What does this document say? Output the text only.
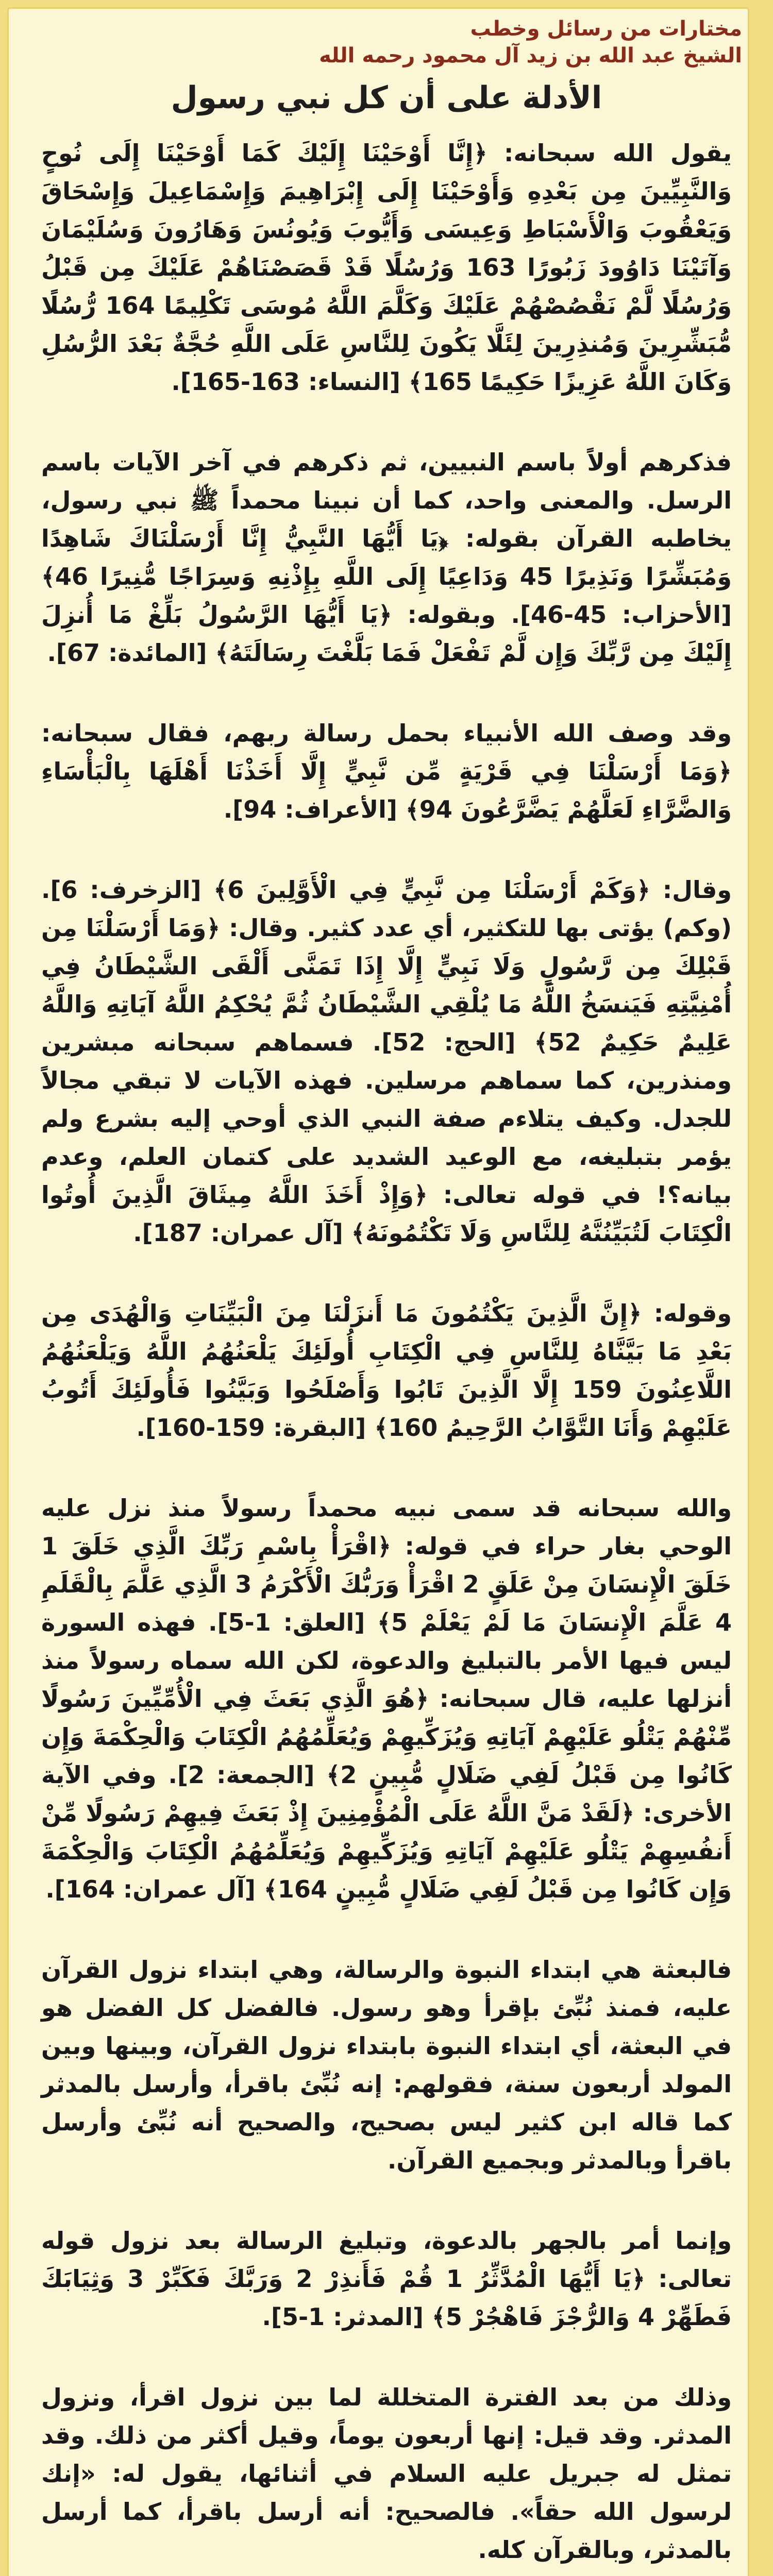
مختارات من رسائل وخطب
الشيخ عبد الله بن زيد آل محمود رحمه الله
الأدلة على أن كل نبي رسول

يقول الله سبحانه: ﴿إِنَّا أَوْحَيْنَا إِلَيْكَ كَمَا أَوْحَيْنَا إِلَى نُوحٍ وَالنَّبِيِّينَ مِن بَعْدِهِ وَأَوْحَيْنَا إِلَى إِبْرَاهِيمَ وَإِسْمَاعِيلَ وَإِسْحَاقَ وَيَعْقُوبَ وَالْأَسْبَاطِ وَعِيسَى وَأَيُّوبَ وَيُونُسَ وَهَارُونَ وَسُلَيْمَانَ وَآتَيْنَا دَاوُودَ زَبُورًا 163 وَرُسُلًا قَدْ قَصَصْنَاهُمْ عَلَيْكَ مِن قَبْلُ وَرُسُلًا لَّمْ نَقْصُصْهُمْ عَلَيْكَ وَكَلَّمَ اللَّهُ مُوسَى تَكْلِيمًا 164 رُّسُلًا مُّبَشِّرِينَ وَمُنذِرِينَ لِئَلَّا يَكُونَ لِلنَّاسِ عَلَى اللَّهِ حُجَّةٌ بَعْدَ الرُّسُلِ وَكَانَ اللَّهُ عَزِيزًا حَكِيمًا 165﴾ [النساء: 163-165].

فذكرهم أولاً باسم النبيين، ثم ذكرهم في آخر الآيات باسم الرسل. والمعنى واحد، كما أن نبينا محمداً ﷺ نبي رسول، يخاطبه القرآن بقوله: ﴿يَا أَيُّهَا النَّبِيُّ إِنَّا أَرْسَلْنَاكَ شَاهِدًا وَمُبَشِّرًا وَنَذِيرًا 45 وَدَاعِيًا إِلَى اللَّهِ بِإِذْنِهِ وَسِرَاجًا مُّنِيرًا 46﴾ [الأحزاب: 45-46]. وبقوله: ﴿يَا أَيُّهَا الرَّسُولُ بَلِّغْ مَا أُنزِلَ إِلَيْكَ مِن رَّبِّكَ وَإِن لَّمْ تَفْعَلْ فَمَا بَلَّغْتَ رِسَالَتَهُ﴾ [المائدة: 67].

وقد وصف الله الأنبياء بحمل رسالة ربهم، فقال سبحانه: ﴿وَمَا أَرْسَلْنَا فِي قَرْيَةٍ مِّن نَّبِيٍّ إِلَّا أَخَذْنَا أَهْلَهَا بِالْبَأْسَاءِ وَالضَّرَّاءِ لَعَلَّهُمْ يَضَّرَّعُونَ 94﴾ [الأعراف: 94].

وقال: ﴿وَكَمْ أَرْسَلْنَا مِن نَّبِيٍّ فِي الْأَوَّلِينَ 6﴾ [الزخرف: 6]. (وكم) يؤتى بها للتكثير، أي عدد كثير. وقال: ﴿وَمَا أَرْسَلْنَا مِن قَبْلِكَ مِن رَّسُولٍ وَلَا نَبِيٍّ إِلَّا إِذَا تَمَنَّى أَلْقَى الشَّيْطَانُ فِي أُمْنِيَّتِهِ فَيَنسَخُ اللَّهُ مَا يُلْقِي الشَّيْطَانُ ثُمَّ يُحْكِمُ اللَّهُ آيَاتِهِ وَاللَّهُ عَلِيمٌ حَكِيمٌ 52﴾ [الحج: 52]. فسماهم سبحانه مبشرين ومنذرين، كما سماهم مرسلين. فهذه الآيات لا تبقي مجالاً للجدل. وكيف يتلاءم صفة النبي الذي أوحي إليه بشرع ولم يؤمر بتبليغه، مع الوعيد الشديد على كتمان العلم، وعدم بيانه؟! في قوله تعالى: ﴿وَإِذْ أَخَذَ اللَّهُ مِيثَاقَ الَّذِينَ أُوتُوا الْكِتَابَ لَتُبَيِّنُنَّهُ لِلنَّاسِ وَلَا تَكْتُمُونَهُ﴾ [آل عمران: 187].

وقوله: ﴿إِنَّ الَّذِينَ يَكْتُمُونَ مَا أَنزَلْنَا مِنَ الْبَيِّنَاتِ وَالْهُدَى مِن بَعْدِ مَا بَيَّنَّاهُ لِلنَّاسِ فِي الْكِتَابِ أُولَئِكَ يَلْعَنُهُمُ اللَّهُ وَيَلْعَنُهُمُ اللَّاعِنُونَ 159 إِلَّا الَّذِينَ تَابُوا وَأَصْلَحُوا وَبَيَّنُوا فَأُولَئِكَ أَتُوبُ عَلَيْهِمْ وَأَنَا التَّوَّابُ الرَّحِيمُ 160﴾ [البقرة: 159-160].

والله سبحانه قد سمى نبيه محمداً رسولاً منذ نزل عليه الوحي بغار حراء في قوله: ﴿اقْرَأْ بِاسْمِ رَبِّكَ الَّذِي خَلَقَ 1 خَلَقَ الْإِنسَانَ مِنْ عَلَقٍ 2 اقْرَأْ وَرَبُّكَ الْأَكْرَمُ 3 الَّذِي عَلَّمَ بِالْقَلَمِ 4 عَلَّمَ الْإِنسَانَ مَا لَمْ يَعْلَمْ 5﴾ [العلق: 1-5]. فهذه السورة ليس فيها الأمر بالتبليغ والدعوة، لكن الله سماه رسولاً منذ أنزلها عليه، قال سبحانه: ﴿هُوَ الَّذِي بَعَثَ فِي الْأُمِّيِّينَ رَسُولًا مِّنْهُمْ يَتْلُو عَلَيْهِمْ آيَاتِهِ وَيُزَكِّيهِمْ وَيُعَلِّمُهُمُ الْكِتَابَ وَالْحِكْمَةَ وَإِن كَانُوا مِن قَبْلُ لَفِي ضَلَالٍ مُّبِينٍ 2﴾ [الجمعة: 2]. وفي الآية الأخرى: ﴿لَقَدْ مَنَّ اللَّهُ عَلَى الْمُؤْمِنِينَ إِذْ بَعَثَ فِيهِمْ رَسُولًا مِّنْ أَنفُسِهِمْ يَتْلُو عَلَيْهِمْ آيَاتِهِ وَيُزَكِّيهِمْ وَيُعَلِّمُهُمُ الْكِتَابَ وَالْحِكْمَةَ وَإِن كَانُوا مِن قَبْلُ لَفِي ضَلَالٍ مُّبِينٍ 164﴾ [آل عمران: 164].

فالبعثة هي ابتداء النبوة والرسالة، وهي ابتداء نزول القرآن عليه، فمنذ نُبِّئ بإقرأ وهو رسول. فالفضل كل الفضل هو في البعثة، أي ابتداء النبوة بابتداء نزول القرآن، وبينها وبين المولد أربعون سنة، فقولهم: إنه نُبِّئ باقرأ، وأرسل بالمدثر كما قاله ابن كثير ليس بصحيح، والصحيح أنه نُبِّئ وأرسل باقرأ وبالمدثر وبجميع القرآن.

وإنما أمر بالجهر بالدعوة، وتبليغ الرسالة بعد نزول قوله تعالى: ﴿يَا أَيُّهَا الْمُدَّثِّرُ 1 قُمْ فَأَنذِرْ 2 وَرَبَّكَ فَكَبِّرْ 3 وَثِيَابَكَ فَطَهِّرْ 4 وَالرُّجْزَ فَاهْجُرْ 5﴾ [المدثر: 1-5].

وذلك من بعد الفترة المتخللة لما بين نزول اقرأ، ونزول المدثر. وقد قيل: إنها أربعون يوماً، وقيل أكثر من ذلك. وقد تمثل له جبريل عليه السلام في أثنائها، يقول له: «إنك لرسول الله حقاً». فالصحيح: أنه أرسل باقرأ، كما أرسل بالمدثر، وبالقرآن كله.
